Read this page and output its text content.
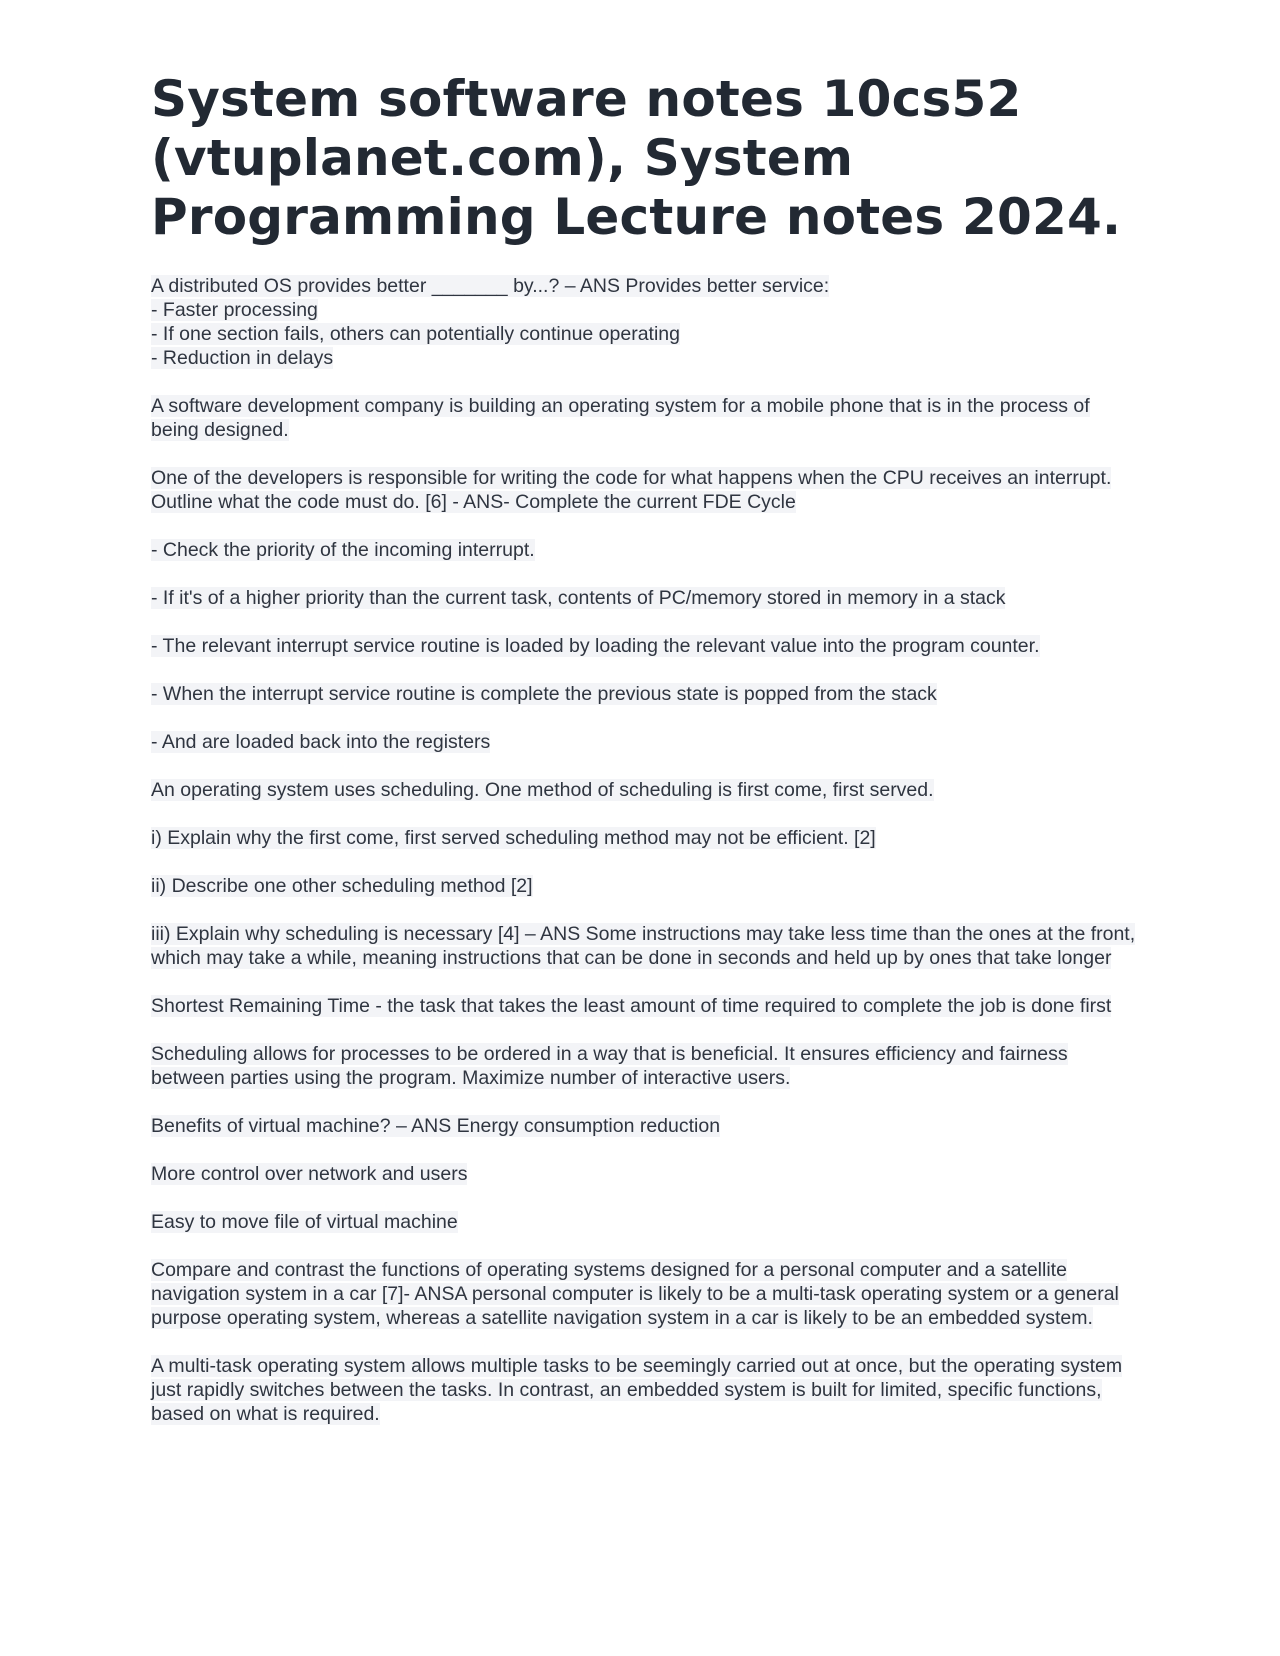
System software notes 10cs52 (vtuplanet.com), System Programming Lecture notes 2024.
A distributed OS provides better _______ by...? – ANS Provides better service:
- Faster processing
- If one section fails, others can potentially continue operating
- Reduction in delays
A software development company is building an operating system for a mobile phone that is in the process of being designed.
One of the developers is responsible for writing the code for what happens when the CPU receives an interrupt. Outline what the code must do. [6] - ANS- Complete the current FDE Cycle
- Check the priority of the incoming interrupt.
- If it's of a higher priority than the current task, contents of PC/memory stored in memory in a stack
- The relevant interrupt service routine is loaded by loading the relevant value into the program counter.
- When the interrupt service routine is complete the previous state is popped from the stack
- And are loaded back into the registers
An operating system uses scheduling. One method of scheduling is first come, first served.
i) Explain why the first come, first served scheduling method may not be efficient. [2]
ii) Describe one other scheduling method [2]
iii) Explain why scheduling is necessary [4] – ANS Some instructions may take less time than the ones at the front, which may take a while, meaning instructions that can be done in seconds and held up by ones that take longer
Shortest Remaining Time - the task that takes the least amount of time required to complete the job is done first
Scheduling allows for processes to be ordered in a way that is beneficial. It ensures efficiency and fairness between parties using the program. Maximize number of interactive users.
Benefits of virtual machine? – ANS Energy consumption reduction
More control over network and users
Easy to move file of virtual machine
Compare and contrast the functions of operating systems designed for a personal computer and a satellite navigation system in a car [7]- ANSA personal computer is likely to be a multi-task operating system or a general purpose operating system, whereas a satellite navigation system in a car is likely to be an embedded system.
A multi-task operating system allows multiple tasks to be seemingly carried out at once, but the operating system just rapidly switches between the tasks. In contrast, an embedded system is built for limited, specific functions, based on what is required.
